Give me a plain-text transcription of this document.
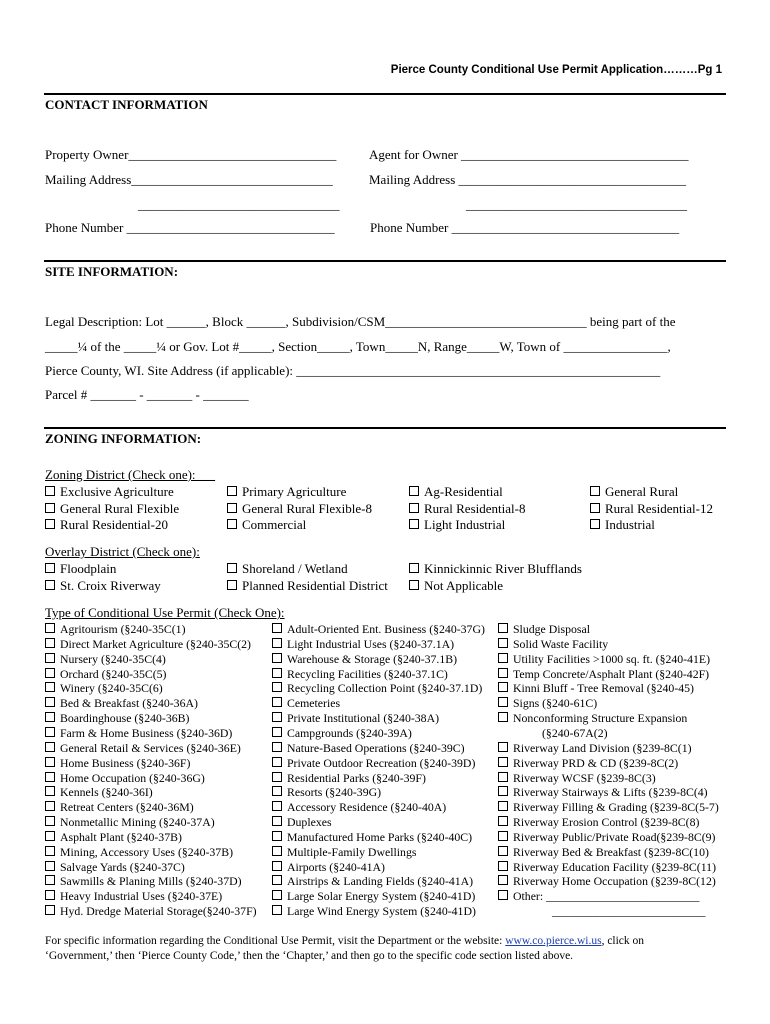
Pierce County Conditional Use Permit Application………Pg 1
CONTACT INFORMATION
Property Owner________________________________	Agent for Owner ___________________________________
Mailing Address_______________________________	Mailing Address ___________________________________
_______________________________	__________________________________
Phone Number ________________________________	Phone Number ___________________________________
SITE INFORMATION:
Legal Description: Lot ______, Block ______, Subdivision/CSM_______________________________ being part of the
_____¼ of the _____¼ or Gov. Lot #_____, Section_____, Town_____N, Range_____W, Town of ________________,
Pierce County, WI. Site Address (if applicable): ________________________________________________________
Parcel # _______ - _______ - _______
ZONING INFORMATION:
Zoning District (Check one):___
Exclusive Agriculture	Primary Agriculture	Ag-Residential	General Rural
General Rural Flexible	General Rural Flexible-8	Rural Residential-8	Rural Residential-12
Rural Residential-20	Commercial	Light Industrial	Industrial
Overlay District (Check one):
Floodplain	Shoreland / Wetland	Kinnickinnic River Blufflands
St. Croix Riverway	Planned Residential District	Not Applicable
Type of Conditional Use Permit (Check One):
Agritourism (§240-35C(1)
Direct Market Agriculture (§240-35C(2)
Nursery (§240-35C(4)
Orchard (§240-35C(5)
Winery (§240-35C(6)
Bed & Breakfast (§240-36A)
Boardinghouse (§240-36B)
Farm & Home Business (§240-36D)
General Retail & Services (§240-36E)
Home Business (§240-36F)
Home Occupation (§240-36G)
Kennels (§240-36I)
Retreat Centers (§240-36M)
Nonmetallic Mining (§240-37A)
Asphalt Plant (§240-37B)
Mining, Accessory Uses (§240-37B)
Salvage Yards (§240-37C)
Sawmills & Planing Mills (§240-37D)
Heavy Industrial Uses (§240-37E)
Hyd. Dredge Material Storage(§240-37F)
Adult-Oriented Ent. Business (§240-37G)
Light Industrial Uses (§240-37.1A)
Warehouse & Storage (§240-37.1B)
Recycling Facilities (§240-37.1C)
Recycling Collection Point (§240-37.1D)
Cemeteries
Private Institutional (§240-38A)
Campgrounds (§240-39A)
Nature-Based Operations (§240-39C)
Private Outdoor Recreation (§240-39D)
Residential Parks (§240-39F)
Resorts (§240-39G)
Accessory Residence (§240-40A)
Duplexes
Manufactured Home Parks (§240-40C)
Multiple-Family Dwellings
Airports (§240-41A)
Airstrips & Landing Fields (§240-41A)
Large Solar Energy System (§240-41D)
Large Wind Energy System (§240-41D)
Sludge Disposal
Solid Waste Facility
Utility Facilities >1000 sq. ft. (§240-41E)
Temp Concrete/Asphalt Plant (§240-42F)
Kinni Bluff - Tree Removal (§240-45)
Signs (§240-61C)
Nonconforming Structure Expansion
(§240-67A(2)
Riverway Land Division (§239-8C(1)
Riverway PRD & CD (§239-8C(2)
Riverway WCSF (§239-8C(3)
Riverway Stairways & Lifts (§239-8C(4)
Riverway Filling & Grading (§239-8C(5-7)
Riverway Erosion Control (§239-8C(8)
Riverway Public/Private Road(§239-8C(9)
Riverway Bed & Breakfast (§239-8C(10)
Riverway Education Facility (§239-8C(11)
Riverway Home Occupation (§239-8C(12)
Other: __________________________
__________________________
For specific information regarding the Conditional Use Permit, visit the Department or the website: www.co.pierce.wi.us, click on
‘Government,’ then ‘Pierce County Code,’ then the ‘Chapter,’ and then go to the specific code section listed above.
